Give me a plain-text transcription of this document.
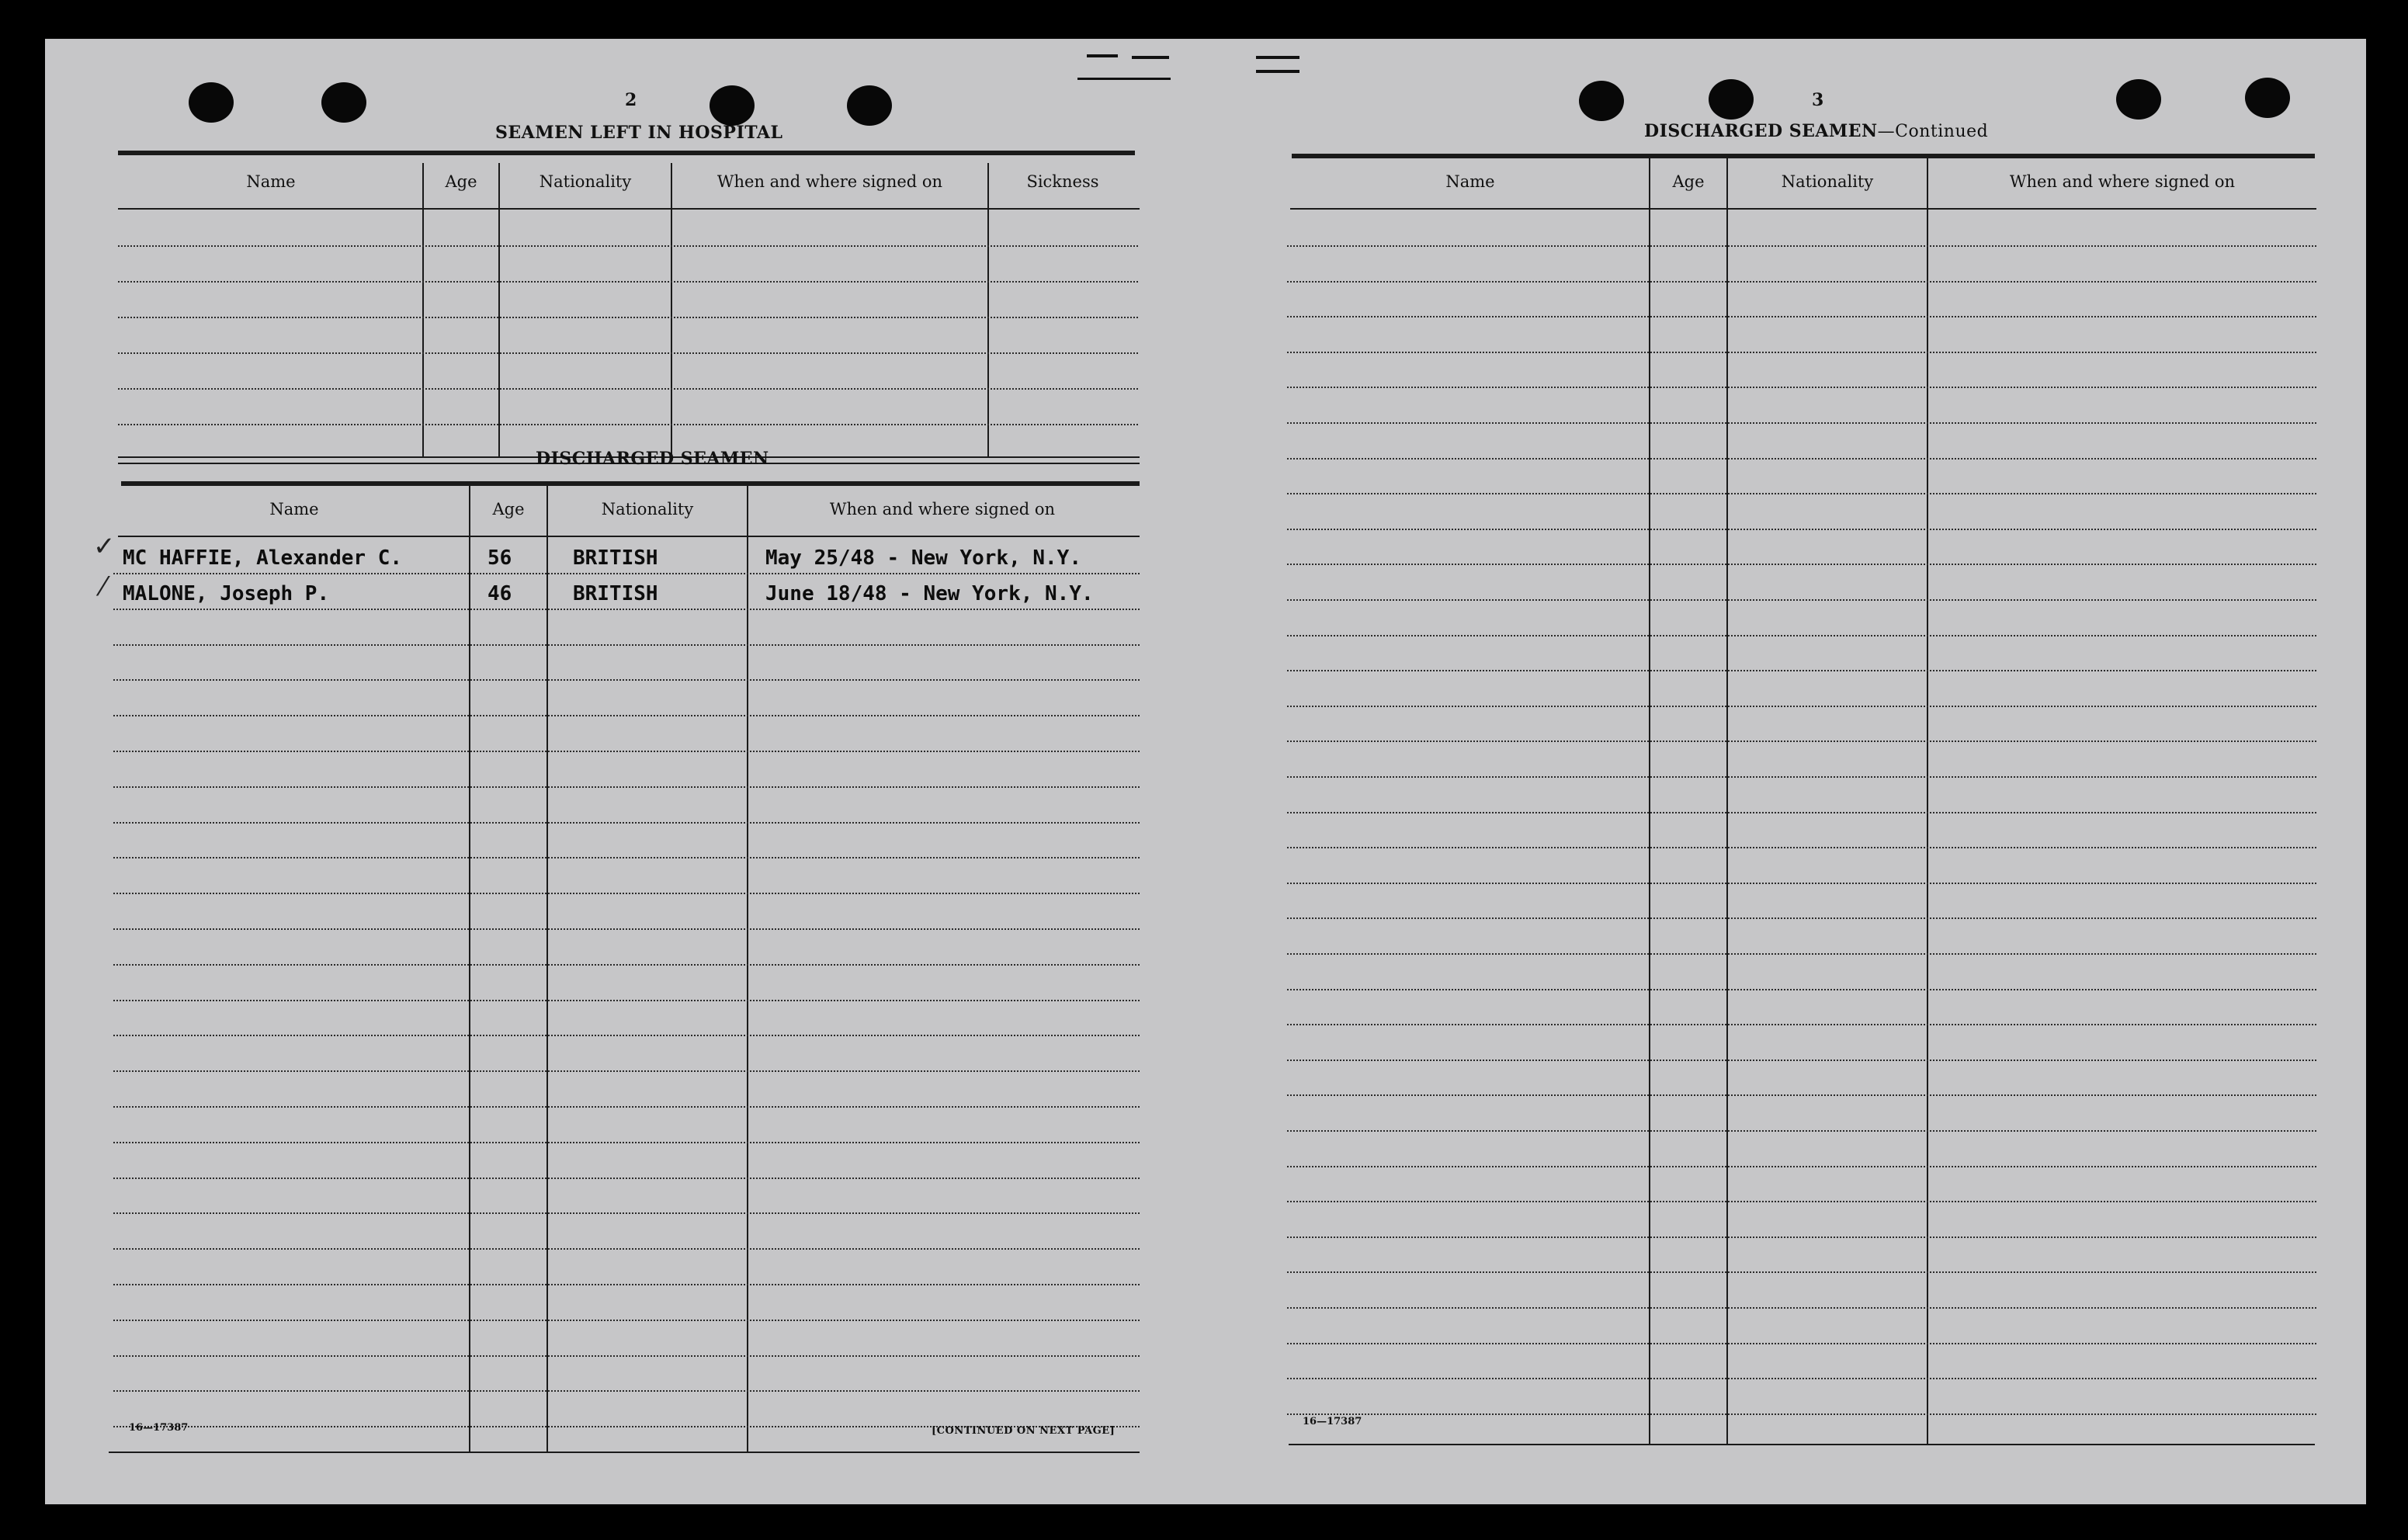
2
SEAMEN LEFT IN HOSPITAL
Name	Age	Nationality	When and where signed on	Sickness
DISCHARGED SEAMEN
Name	Age	Nationality	When and where signed on
✓
⁄
MC HAFFIE, Alexander C.	56	BRITISH	May 25/48 - New York, N.Y.
MALONE, Joseph P.	46	BRITISH	June 18/48 - New York, N.Y.
16—17387	[CONTINUED ON NEXT PAGE]
3
DISCHARGED SEAMEN—Continued
Name	Age	Nationality	When and where signed on
16—17387
